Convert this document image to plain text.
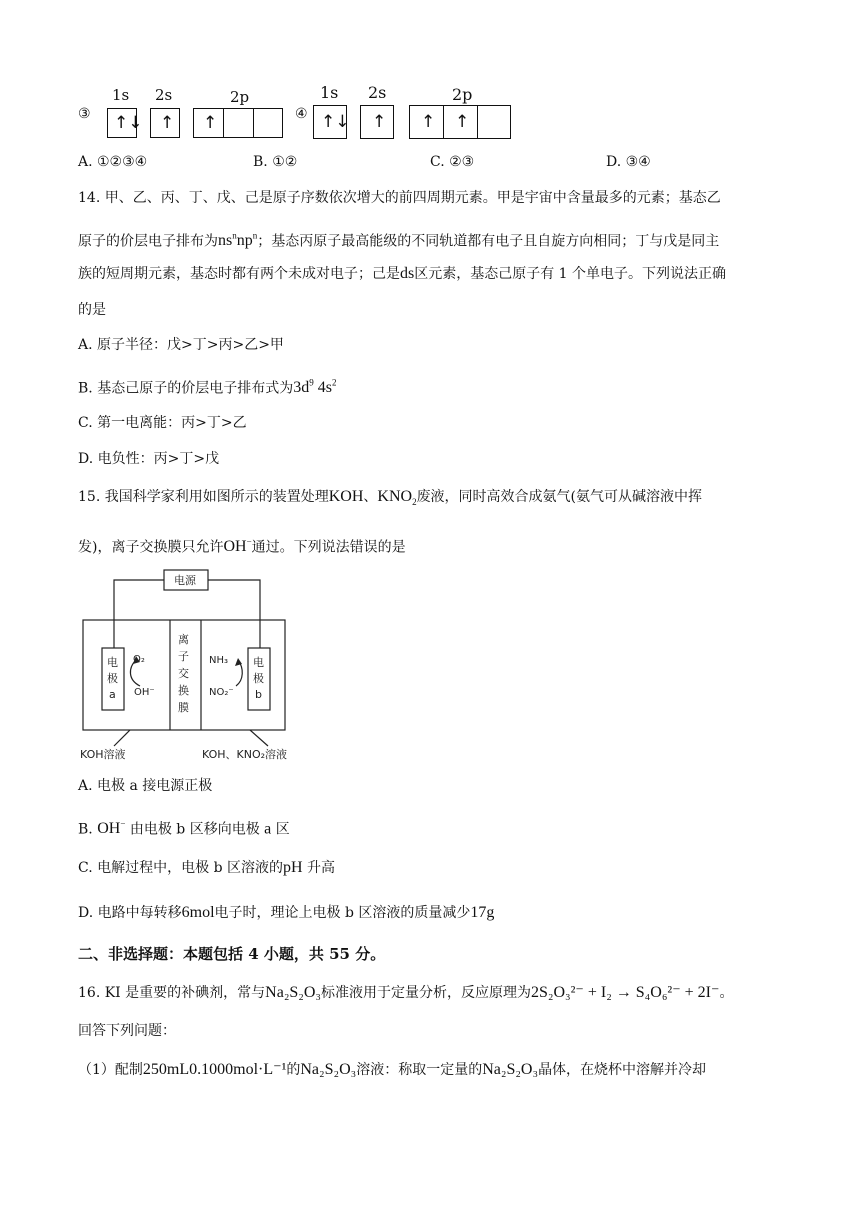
③
1s 2s	2p
↑↓ ↑ ↑	④
1s 2s	2p
↑↓ ↑ ↑ ↑
A. ①②③④	B. ①②	C. ②③	D. ③④
14. 甲、乙、丙、丁、戊、己是原子序数依次增大的前四周期元素。甲是宇宙中含量最多的元素；基态乙
原子的价层电子排布为$ns^nnp^n$；基态丙原子最高能级的不同轨道都有电子且自旋方向相同；丁与戊是同主
族的短周期元素，基态时都有两个未成对电子；己是ds区元素，基态己原子有 1 个单电子。下列说法正确
的是
A. 原子半径：戊>丁>丙>乙>甲
B. 基态己原子的价层电子排布式为$3d^9$ $4s^2$
C. 第一电离能：丙>丁>乙
D. 电负性：丙>丁>戊
15. 我国科学家利用如图所示的装置处理KOH、$KNO_2$废液，同时高效合成氨气(氨气可从碱溶液中挥
发)，离子交换膜只允许OH−通过。下列说法错误的是
电源
离
子
交
换
膜
电
极
a
电
极
b
O₂
OH⁻
NH₃
NO₂⁻
KOH溶液	KOH、KNO₂溶液
A. 电极 a 接电源正极
B. OH− 由电极 b 区移向电极 a 区
C. 电解过程中，电极 b 区溶液的pH 升高
D. 电路中每转移6mol电子时，理论上电极 b 区溶液的质量减少17g
二、非选择题：本题包括 4 小题，共 55 分。
16. KI 是重要的补碘剂，常与Na₂S₂O₃标准液用于定量分析，反应原理为2S₂O₃²⁻ + I₂ → S₄O₆²⁻ + 2I⁻。
回答下列问题：
（1）配制250mL0.1000mol·L⁻¹的Na₂S₂O₃溶液：称取一定量的Na₂S₂O₃晶体，在烧杯中溶解并冷却
